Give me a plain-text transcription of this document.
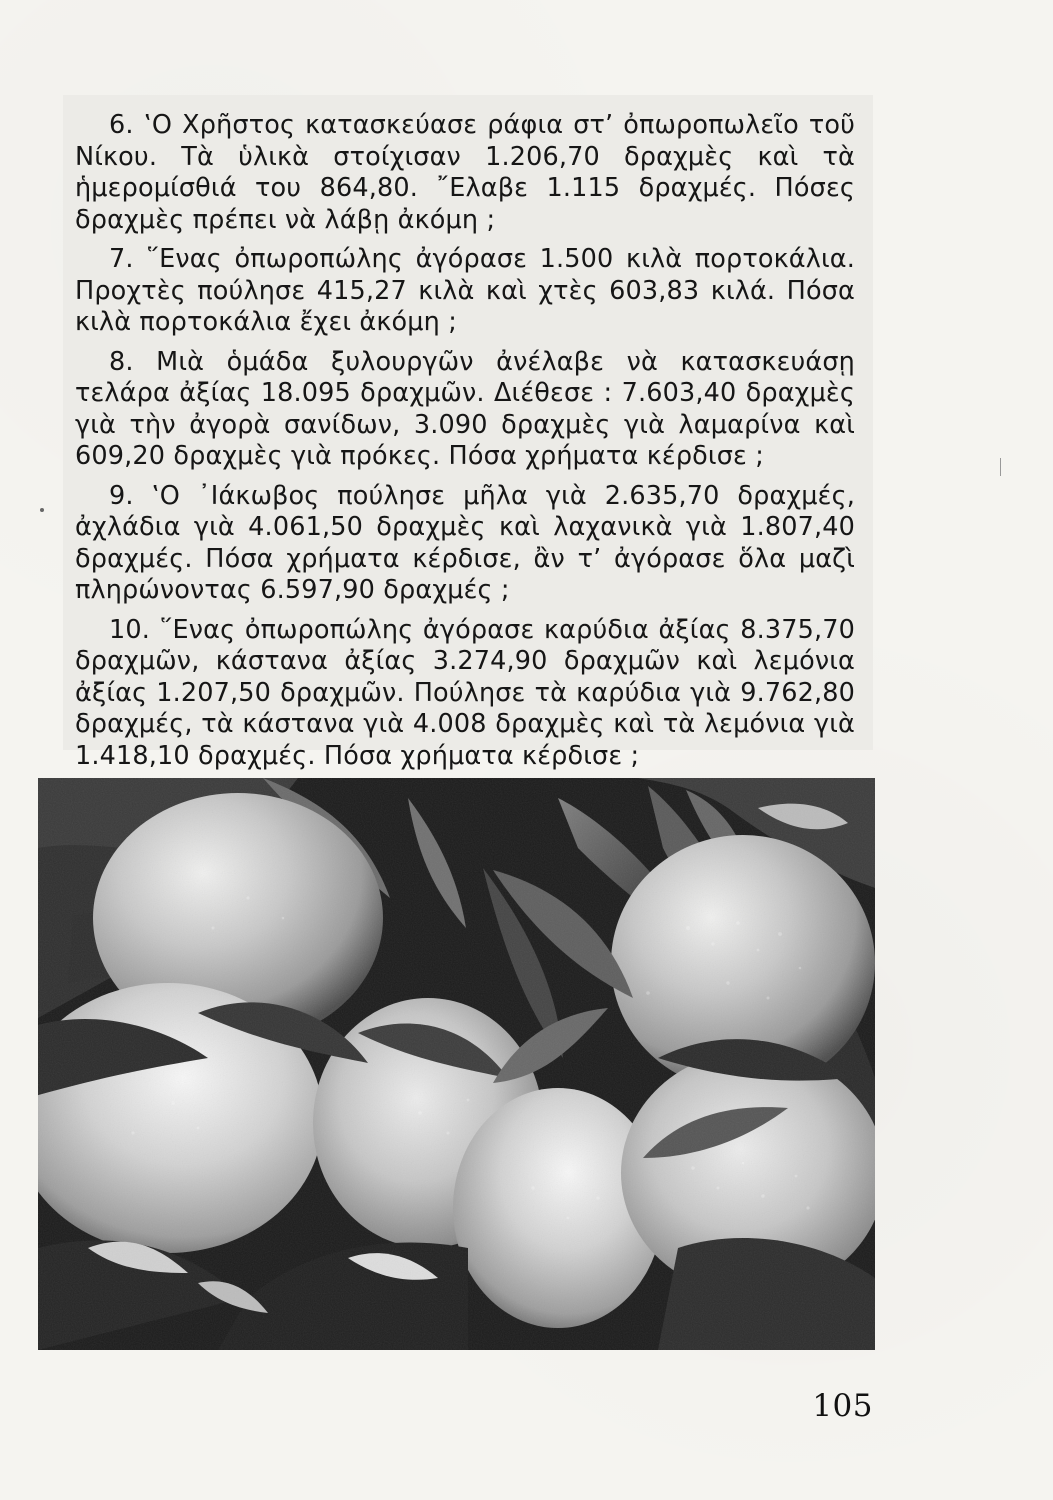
6. ‛Ο Χρῆστος κατασκεύασε ράφια στ’ ὀπωροπωλεῖο τοῦ Νίκου. Τὰ ὑλικὰ στοίχισαν 1.206,70 δραχμὲς καὶ τὰ ἡμερομίσθιά του 864,80. ῎Ελαβε 1.115 δραχμές. Πόσες δραχμὲς πρέπει νὰ λάβῃ ἀκόμη ;

7. ῞Ενας ὀπωροπώλης ἀγόρασε 1.500 κιλὰ πορτοκάλια. Προχτὲς πούλησε 415,27 κιλὰ καὶ χτὲς 603,83 κιλά. Πόσα κιλὰ πορτοκάλια ἔχει ἀκόμη ;

8. Μιὰ ὁμάδα ξυλουργῶν ἀνέλαβε νὰ κατασκευάσῃ τελάρα ἀξίας 18.095 δραχμῶν. Διέθεσε : 7.603,40 δραχμὲς γιὰ τὴν ἀγορὰ σανίδων, 3.090 δραχμὲς γιὰ λαμαρίνα καὶ 609,20 δραχμὲς γιὰ πρόκες. Πόσα χρήματα κέρδισε ;

9. ‛Ο ᾿Ιάκωβος πούλησε μῆλα γιὰ 2.635,70 δραχμές, ἀχλάδια γιὰ 4.061,50 δραχμὲς καὶ λαχανικὰ γιὰ 1.807,40 δραχμές. Πόσα χρήματα κέρδισε, ἂν τ’ ἀγόρασε ὅλα μαζὶ πληρώνοντας 6.597,90 δραχμές ;

10. ῞Ενας ὀπωροπώλης ἀγόρασε καρύδια ἀξίας 8.375,70 δραχμῶν, κάστανα ἀξίας 3.274,90 δραχμῶν καὶ λεμόνια ἀξίας 1.207,50 δραχμῶν. Πούλησε τὰ καρύδια γιὰ 9.762,80 δραχμές, τὰ κάστανα γιὰ 4.008 δραχμὲς καὶ τὰ λεμόνια γιὰ 1.418,10 δραχμές. Πόσα χρήματα κέρδισε ;

105
